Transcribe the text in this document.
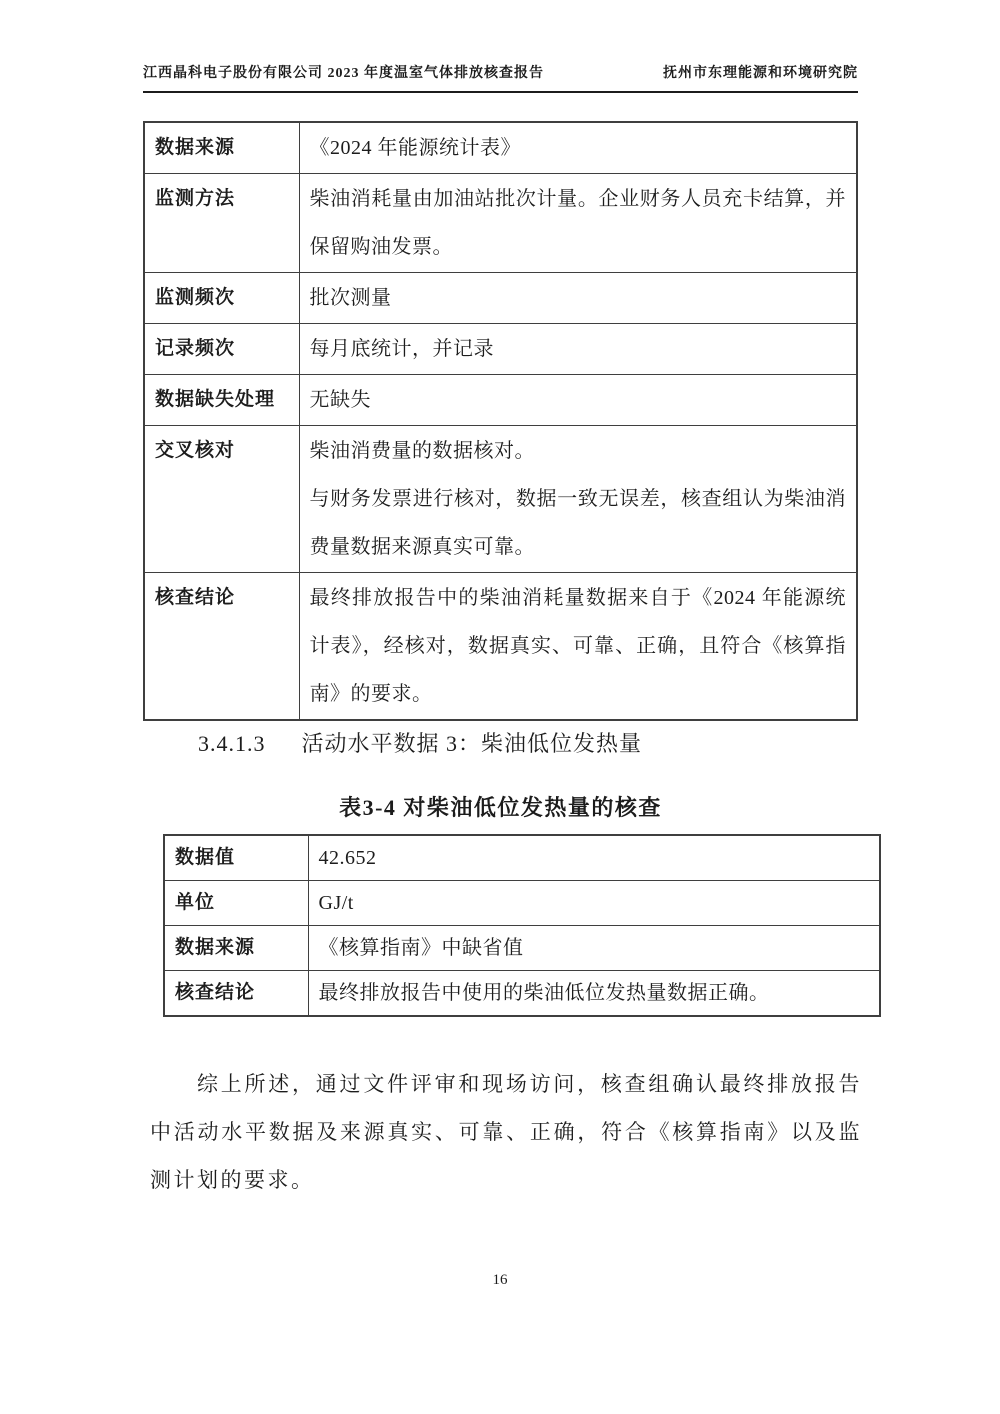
江西晶科电子股份有限公司 2023 年度温室气体排放核查报告	抚州市东理能源和环境研究院
数据来源	《2024 年能源统计表》

监测方法	柴油消耗量由加油站批次计量。企业财务人员充卡结算，并保留购油发票。

监测频次	批次测量

记录频次	每月底统计，并记录

数据缺失处理	无缺失

交叉核对	柴油消费量的数据核对。
与财务发票进行核对，数据一致无误差，核查组认为柴油消费量数据来源真实可靠。

核查结论	最终排放报告中的柴油消耗量数据来自于《2024 年能源统计表》，经核对，数据真实、可靠、正确，且符合《核算指南》的要求。
3.4.1.3 活动水平数据 3：柴油低位发热量
表3-4 对柴油低位发热量的核查
数据值	42.652

单位	GJ/t

数据来源	《核算指南》中缺省值

核查结论	最终排放报告中使用的柴油低位发热量数据正确。
综上所述，通过文件评审和现场访问，核查组确认最终排放报告中活动水平数据及来源真实、可靠、正确，符合《核算指南》以及监测计划的要求。
16
